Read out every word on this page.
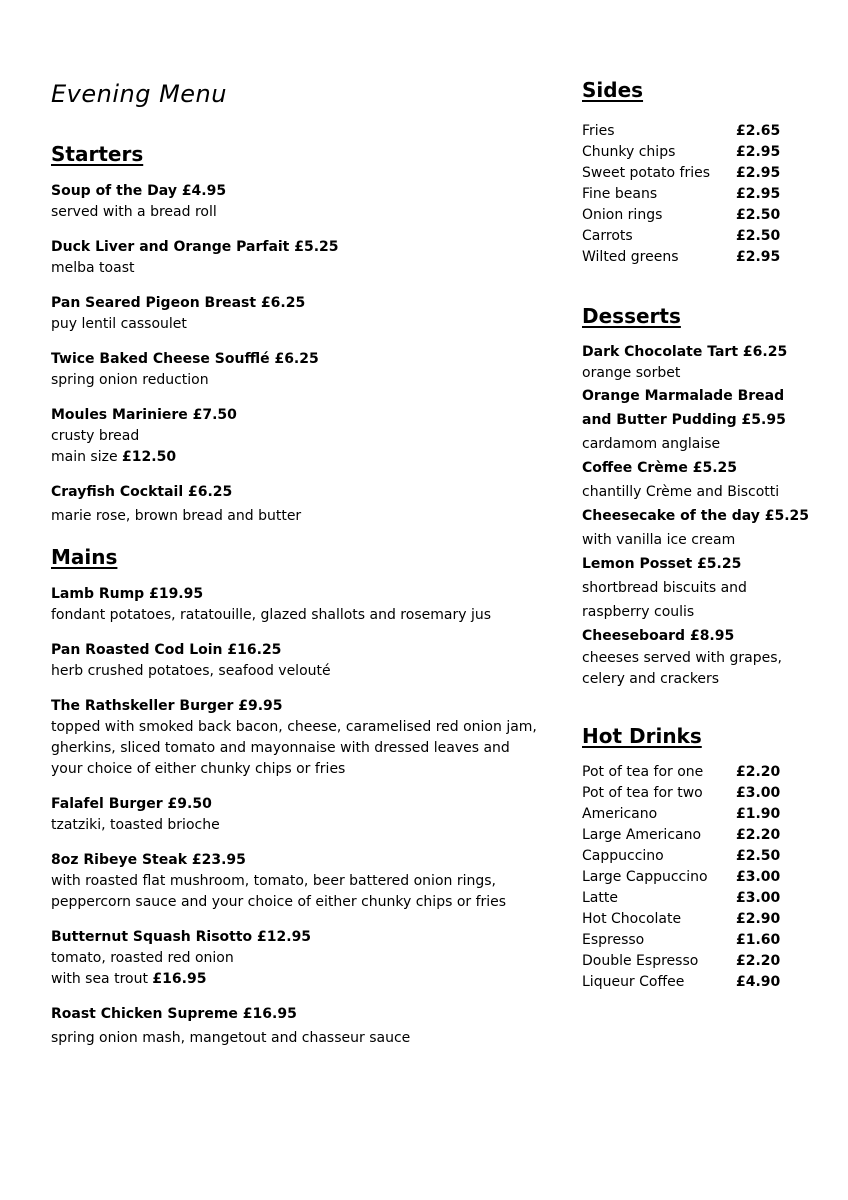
Evening Menu
Starters
Soup of the Day £4.95
served with a bread roll
Duck Liver and Orange Parfait £5.25
melba toast
Pan Seared Pigeon Breast £6.25
puy lentil cassoulet
Twice Baked Cheese Soufflé £6.25
spring onion reduction
Moules Mariniere £7.50
crusty bread
main size £12.50
Crayfish Cocktail £6.25
marie rose, brown bread and butter
Mains
Lamb Rump £19.95
fondant potatoes, ratatouille, glazed shallots and rosemary jus
Pan Roasted Cod Loin £16.25
herb crushed potatoes, seafood velouté
The Rathskeller Burger £9.95
topped with smoked back bacon, cheese, caramelised red onion jam,
gherkins, sliced tomato and mayonnaise with dressed leaves and
your choice of either chunky chips or fries
Falafel Burger £9.50
tzatziki, toasted brioche
8oz Ribeye Steak £23.95
with roasted flat mushroom, tomato, beer battered onion rings,
peppercorn sauce and your choice of either chunky chips or fries
Butternut Squash Risotto £12.95
tomato, roasted red onion
with sea trout £16.95
Roast Chicken Supreme £16.95
spring onion mash, mangetout and chasseur sauce
Sides
Fries	£2.65
Chunky chips	£2.95
Sweet potato fries	£2.95
Fine beans	£2.95
Onion rings	£2.50
Carrots	£2.50
Wilted greens	£2.95
Desserts
Dark Chocolate Tart £6.25
orange sorbet
Orange Marmalade Bread
and Butter Pudding £5.95
cardamom anglaise
Coffee Crème £5.25
chantilly Crème and Biscotti
Cheesecake of the day £5.25
with vanilla ice cream
Lemon Posset £5.25
shortbread biscuits and
raspberry coulis
Cheeseboard £8.95
cheeses served with grapes,
celery and crackers
Hot Drinks
Pot of tea for one	£2.20
Pot of tea for two	£3.00
Americano	£1.90
Large Americano	£2.20
Cappuccino	£2.50
Large Cappuccino	£3.00
Latte	£3.00
Hot Chocolate	£2.90
Espresso	£1.60
Double Espresso	£2.20
Liqueur Coffee	£4.90
